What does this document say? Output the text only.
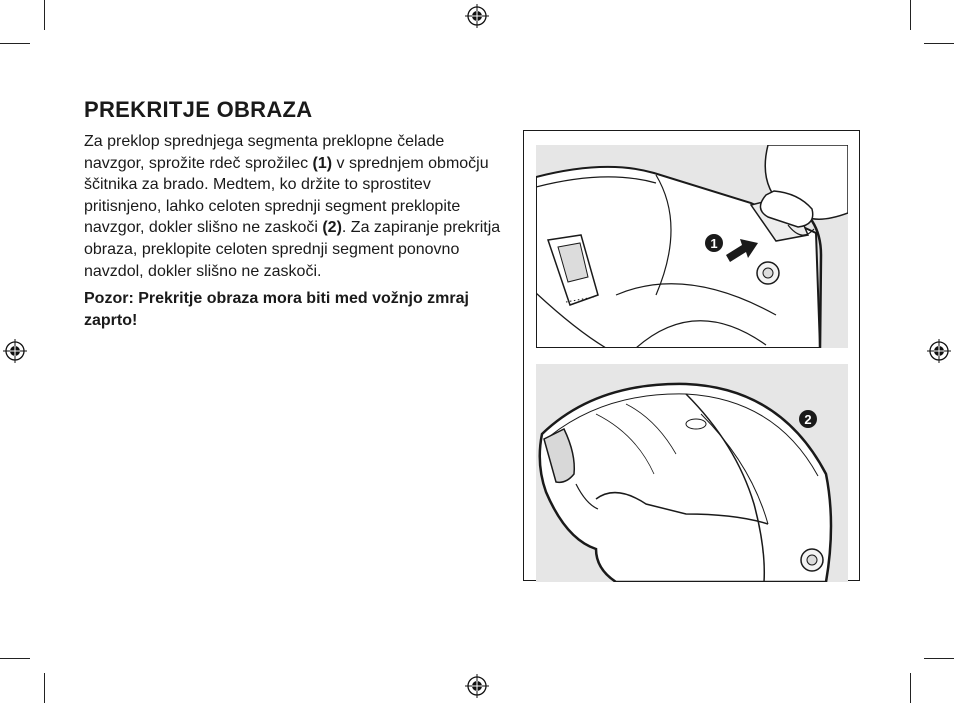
PREKRITJE OBRAZA

Za preklop sprednjega segmenta preklopne čelade navzgor, sprožite rdeč sprožilec (1) v sprednjem območju ščitnika za brado. Medtem, ko držite to sprostitev pritisnjeno, lahko celoten sprednji segment preklopite navzgor, dokler slišno ne zaskoči (2). Za zapiranje prekritja obraza, preklopite celoten sprednji segment ponovno navzdol, dokler slišno ne zaskoči.

Pozor: Prekritje obraza mora biti med vožnjo zmraj zaprto!

1
2
